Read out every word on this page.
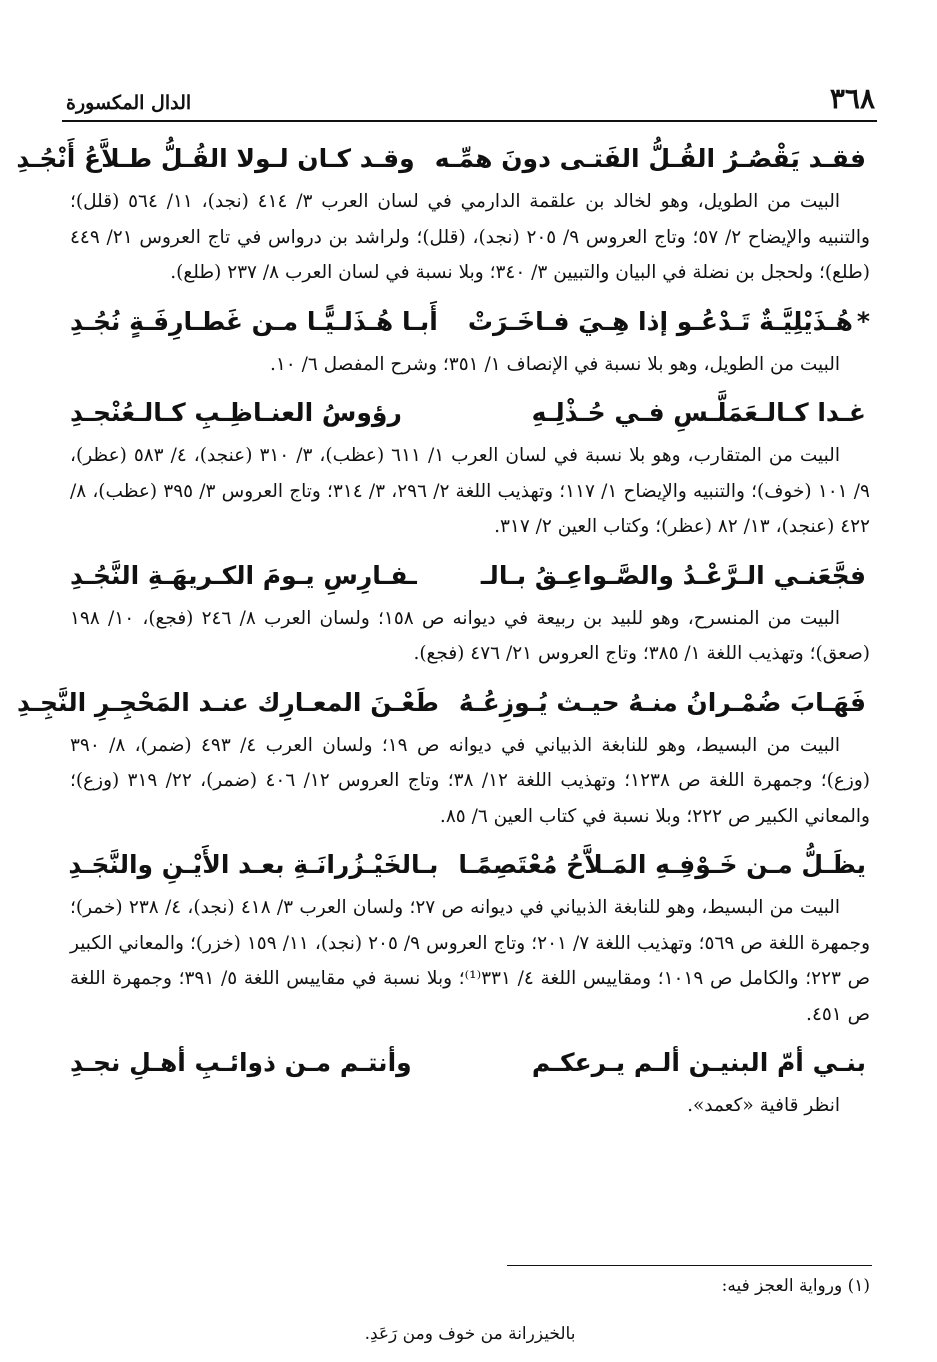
٣٦٨
الدال المكسورة
فقـد يَقْصُـرُ القُـلُّ الفَتـى دونَ همِّـه
وقـد كـان لـولا القُـلُّ طـلاَّعُ أَنْجُـدِ

البيت من الطويل، وهو لخالد بن علقمة الدارمي في لسان العرب ٣/ ٤١٤ (نجد)، ١١/ ٥٦٤ (قلل)؛ والتنبيه والإيضاح ٢/ ٥٧؛ وتاج العروس ٩/ ٢٠٥ (نجد)، (قلل)؛ ولراشد بن درواس في تاج العروس ٢١/ ٤٤٩ (طلع)؛ ولحجل بن نضلة في البيان والتبيين ٣/ ٣٤٠؛ وبلا نسبة في لسان العرب ٨/ ٢٣٧ (طلع).

*هُـذَيْلِيَّـةٌ تَـدْعُـو إذا هِـيَ فـاخَـرَتْ
أَبـا هُـذَلـيًّـا مـن غَطـارِفَـةٍ نُجُـدِ

البيت من الطويل، وهو بلا نسبة في الإنصاف ١/ ٣٥١؛ وشرح المفصل ٦/ ١٠.

غـدا كـالـعَمَلَّـسِ فـي حُـذْلِـهِ
رؤوسُ العنـاظِـبِ كـالـعُنْجـدِ

البيت من المتقارب، وهو بلا نسبة في لسان العرب ١/ ٦١١ (عظب)، ٣/ ٣١٠ (عنجد)، ٤/ ٥٨٣ (عظر)، ٩/ ١٠١ (خوف)؛ والتنبيه والإيضاح ١/ ١١٧؛ وتهذيب اللغة ٢/ ٢٩٦، ٣/ ٣١٤؛ وتاج العروس ٣/ ٣٩٥ (عظب)، ٨/ ٤٢٢ (عنجد)، ١٣/ ٨٢ (عظر)؛ وكتاب العين ٢/ ٣١٧.

فجَّعَنـي الـرَّعْـدُ والصَّـواعِـقُ بـالـ
ـفـارِسِ يـومَ الكـريهَـةِ النَّجُـدِ

البيت من المنسرح، وهو للبيد بن ربيعة في ديوانه ص ١٥٨؛ ولسان العرب ٨/ ٢٤٦ (فجع)، ١٠/ ١٩٨ (صعق)؛ وتهذيب اللغة ١/ ٣٨٥؛ وتاج العروس ٢١/ ٤٧٦ (فجع).

فَهَـابَ ضُمْـرانُ منـهُ حيـث يُـوزِعُـهُ
طَعْـنَ المعـارِك عنـد المَحْجِـرِ النَّجِـدِ

البيت من البسيط، وهو للنابغة الذبياني في ديوانه ص ١٩؛ ولسان العرب ٤/ ٤٩٣ (ضمر)، ٨/ ٣٩٠ (وزع)؛ وجمهرة اللغة ص ١٢٣٨؛ وتهذيب اللغة ١٢/ ٣٨؛ وتاج العروس ١٢/ ٤٠٦ (ضمر)، ٢٢/ ٣١٩ (وزع)؛ والمعاني الكبير ص ٢٢٢؛ وبلا نسبة في كتاب العين ٦/ ٨٥.

يظَـلُّ مـن خَـوْفِـهِ المَـلاَّحُ مُعْتَصِمًـا
بـالخَيْـزُرانَـةِ بعـد الأَيْـنِ والنَّجَـدِ

البيت من البسيط، وهو للنابغة الذبياني في ديوانه ص ٢٧؛ ولسان العرب ٣/ ٤١٨ (نجد)، ٤/ ٢٣٨ (خمر)؛ وجمهرة اللغة ص ٥٦٩؛ وتهذيب اللغة ٧/ ٢٠١؛ وتاج العروس ٩/ ٢٠٥ (نجد)، ١١/ ١٥٩ (خزر)؛ والمعاني الكبير ص ٢٢٣؛ والكامل ص ١٠١٩؛ ومقاييس اللغة ٤/ ٣٣١⁽¹⁾؛ وبلا نسبة في مقاييس اللغة ٥/ ٣٩١؛ وجمهرة اللغة ص ٤٥١.

بنـي أمّ البنيـن ألـم يـرعكـم
وأنتـم مـن ذوائـبِ أهـلِ نجـدِ

انظر قافية «كعمد».

(١) ورواية العجز فيه:
بالخيزرانة من خوف ومن رَعَدِ.
